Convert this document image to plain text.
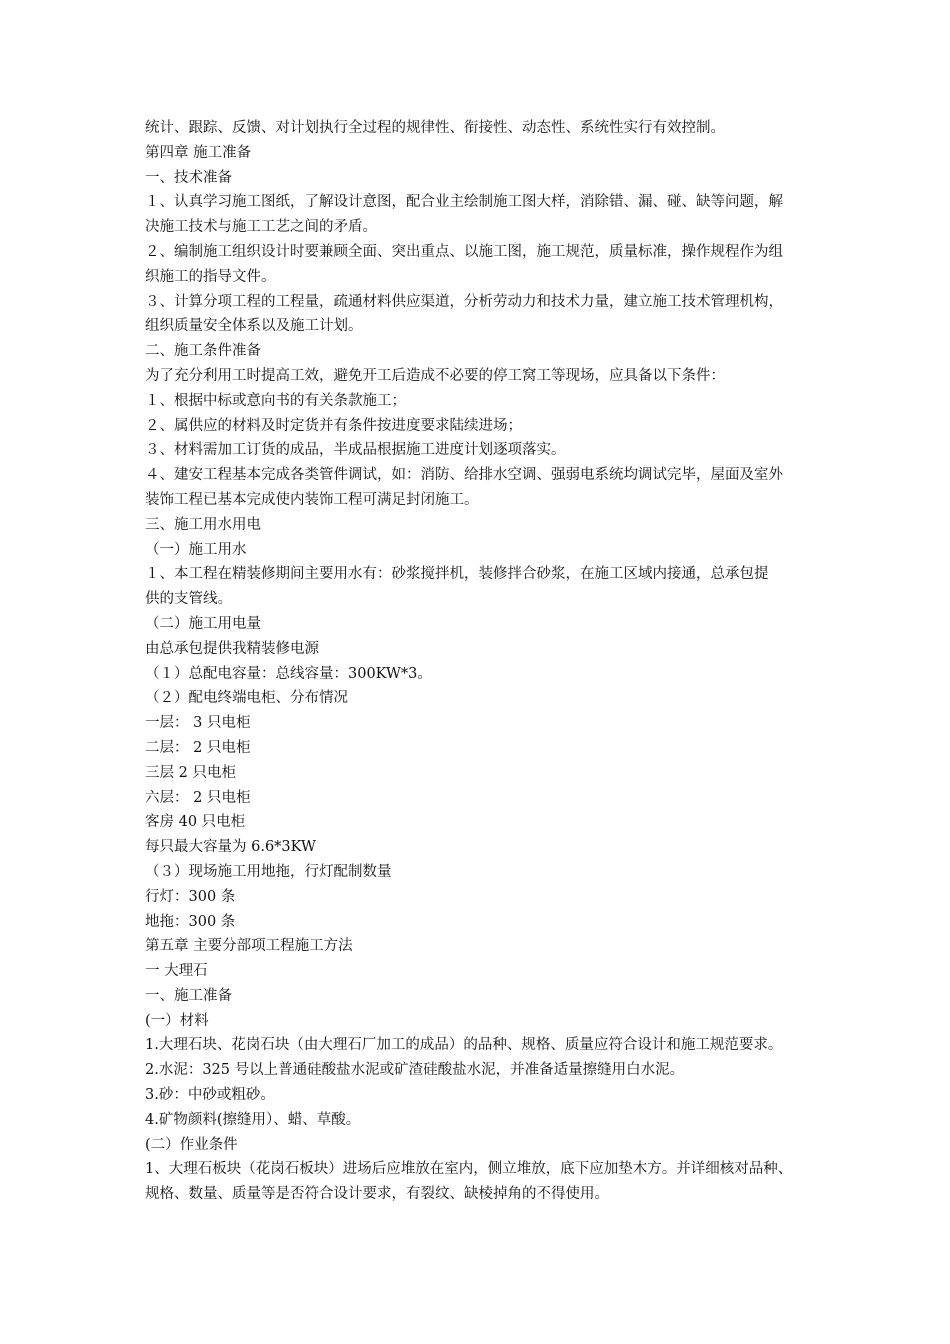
统计、跟踪、反馈、对计划执行全过程的规律性、衔接性、动态性、系统性实行有效控制。

第四章 施工准备

一、技术准备

１、认真学习施工图纸，了解设计意图，配合业主绘制施工图大样，消除错、漏、碰、缺等问题，解

决施工技术与施工工艺之间的矛盾。

２、编制施工组织设计时要兼顾全面、突出重点、以施工图，施工规范，质量标准，操作规程作为组

织施工的指导文件。

３、计算分项工程的工程量，疏通材料供应渠道，分析劳动力和技术力量，建立施工技术管理机构，

组织质量安全体系以及施工计划。

二、施工条件准备

为了充分利用工时提高工效，避免开工后造成不必要的停工窝工等现场，应具备以下条件：

１、根据中标或意向书的有关条款施工；

２、属供应的材料及时定货并有条件按进度要求陆续进场；

３、材料需加工订货的成品，半成品根据施工进度计划逐项落实。

４、建安工程基本完成各类管件调试，如：消防、给排水空调、强弱电系统均调试完毕，屋面及室外

装饰工程已基本完成使内装饰工程可满足封闭施工。

三、施工用水用电

（一）施工用水

１、本工程在精装修期间主要用水有：砂浆搅拌机，装修拌合砂浆，在施工区域内接通，总承包提

供的支管线。

（二）施工用电量

由总承包提供我精装修电源

（１）总配电容量：总线容量：300KW*3。

（２）配电终端电柜、分布情况

一层： 3 只电柜

二层： 2 只电柜

三层 2 只电柜

六层： 2 只电柜

客房 40 只电柜

每只最大容量为 6.6*3KW

（３）现场施工用地拖，行灯配制数量

行灯：300 条

地拖：300 条

第五章 主要分部项工程施工方法

一 大理石

一、施工准备

(一）材料

1.大理石块、花岗石块（由大理石厂加工的成品）的品种、规格、质量应符合设计和施工规范要求。

2.水泥：325 号以上普通硅酸盐水泥或矿渣硅酸盐水泥，并准备适量擦缝用白水泥。

3.砂：中砂或粗砂。

4.矿物颜料(擦缝用）、蜡、草酸。

(二）作业条件

1、大理石板块（花岗石板块）进场后应堆放在室内，侧立堆放，底下应加垫木方。并详细核对品种、

规格、数量、质量等是否符合设计要求，有裂纹、缺棱掉角的不得使用。
